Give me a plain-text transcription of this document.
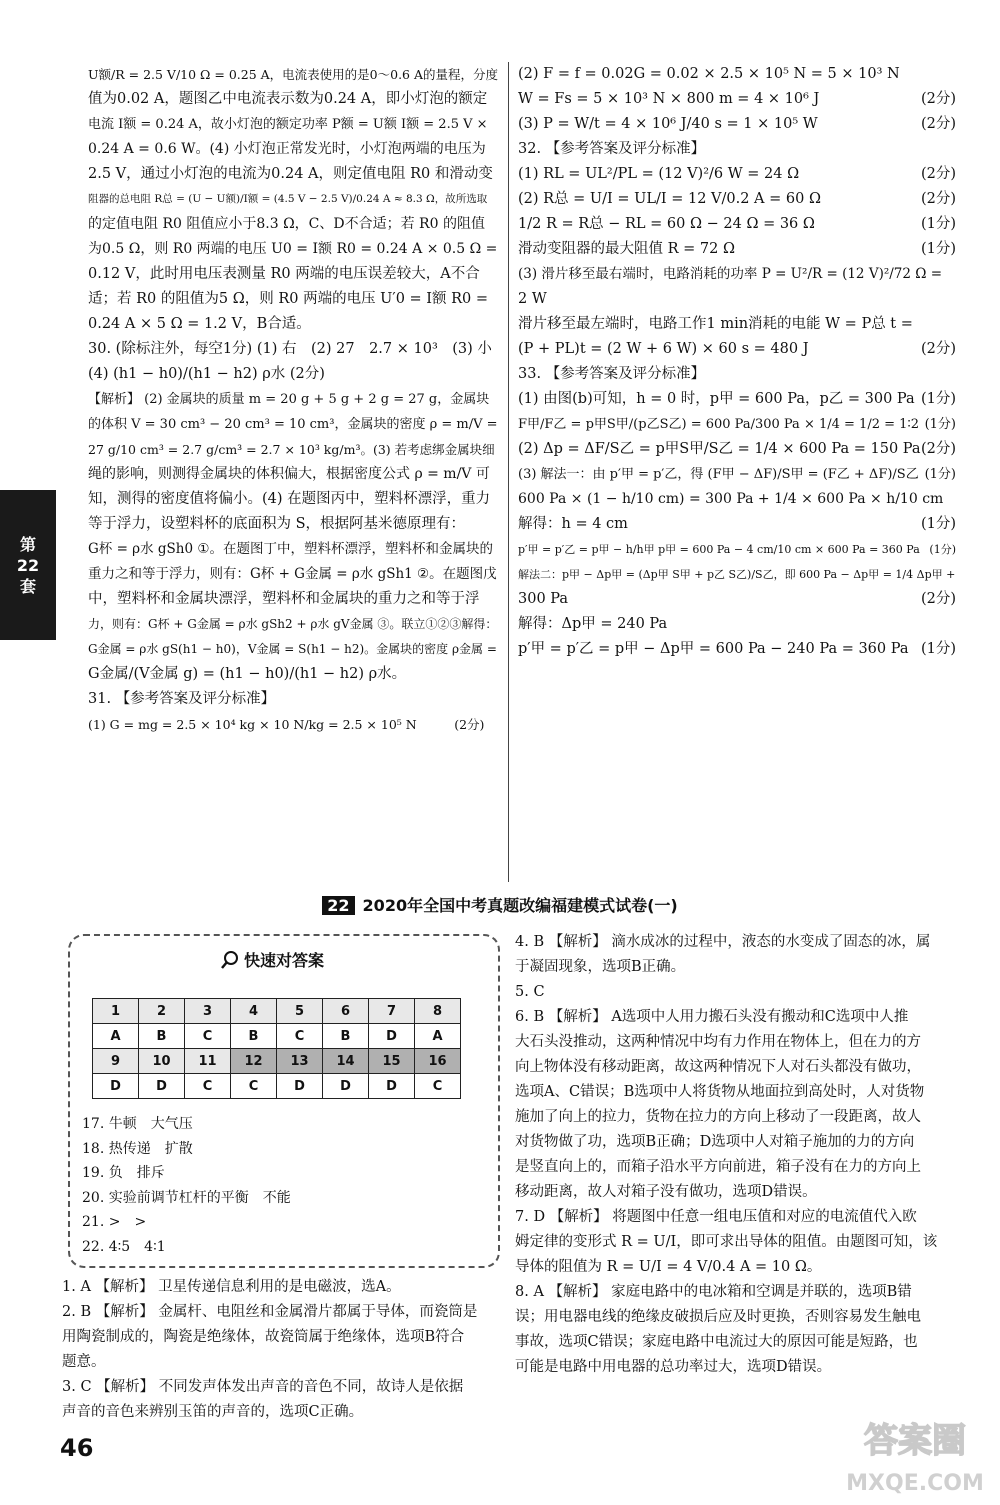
第
22
套

U额/R = 2.5 V/10 Ω = 0.25 A，电流表使用的是0～0.6 A的量程，分度

值为0.02 A，题图乙中电流表示数为0.24 A，即小灯泡的额定

电流 I额 = 0.24 A，故小灯泡的额定功率 P额 = U额 I额 = 2.5 V ×

0.24 A = 0.6 W。(4) 小灯泡正常发光时，小灯泡两端的电压为

2.5 V，通过小灯泡的电流为0.24 A，则定值电阻 R0 和滑动变

阻器的总电阻 R总 = (U − U额)/I额 = (4.5 V − 2.5 V)/0.24 A ≈ 8.3 Ω，故所选取

的定值电阻 R0 阻值应小于8.3 Ω，C、D不合适；若 R0 的阻值

为0.5 Ω，则 R0 两端的电压 U0 = I额 R0 = 0.24 A × 0.5 Ω =

0.12 V，此时用电压表测量 R0 两端的电压误差较大，A不合

适；若 R0 的阻值为5 Ω，则 R0 两端的电压 U′0 = I额 R0 =

0.24 A × 5 Ω = 1.2 V，B合适。

30. (除标注外，每空1分) (1) 右　(2) 27　2.7 × 10³　(3) 小

(4) (h1 − h0)/(h1 − h2) ρ水 (2分)

【解析】 (2) 金属块的质量 m = 20 g + 5 g + 2 g = 27 g，金属块

的体积 V = 30 cm³ − 20 cm³ = 10 cm³，金属块的密度 ρ = m/V =

27 g/10 cm³ = 2.7 g/cm³ = 2.7 × 10³ kg/m³。(3) 若考虑绑金属块细

绳的影响，则测得金属块的体积偏大，根据密度公式 ρ = m/V 可

知，测得的密度值将偏小。(4) 在题图丙中，塑料杯漂浮，重力

等于浮力，设塑料杯的底面积为 S，根据阿基米德原理有：

G杯 = ρ水 gSh0 ①。在题图丁中，塑料杯漂浮，塑料杯和金属块的

重力之和等于浮力，则有：G杯 + G金属 = ρ水 gSh1 ②。在题图戊

中，塑料杯和金属块漂浮，塑料杯和金属块的重力之和等于浮

力，则有：G杯 + G金属 = ρ水 gSh2 + ρ水 gV金属 ③。联立①②③解得：

G金属 = ρ水 gS(h1 − h0)，V金属 = S(h1 − h2)。金属块的密度 ρ金属 =

G金属/(V金属 g) = (h1 − h0)/(h1 − h2) ρ水。

31. 【参考答案及评分标准】

(1) G = mg = 2.5 × 10⁴ kg × 10 N/kg = 2.5 × 10⁵ N　　　(2分)

(2) F = f = 0.02G = 0.02 × 2.5 × 10⁵ N = 5 × 10³ N
W = Fs = 5 × 10³ N × 800 m = 4 × 10⁶ J	(2分)
(3) P = W/t = 4 × 10⁶ J/40 s = 1 × 10⁵ W	(2分)
32. 【参考答案及评分标准】
(1) RL = UL²/PL = (12 V)²/6 W = 24 Ω	(2分)
(2) R总 = U/I = UL/I = 12 V/0.2 A = 60 Ω	(2分)
1/2 R = R总 − RL = 60 Ω − 24 Ω = 36 Ω	(1分)
滑动变阻器的最大阻值 R = 72 Ω	(1分)
(3) 滑片移至最右端时，电路消耗的功率 P = U²/R = (12 V)²/72 Ω =
2 W
滑片移至最左端时，电路工作1 min消耗的电能 W = P总 t =
(P + PL)t = (2 W + 6 W) × 60 s = 480 J	(2分)
33. 【参考答案及评分标准】
(1) 由图(b)可知，h = 0 时，p甲 = 600 Pa，p乙 = 300 Pa (1分)
F甲/F乙 = p甲S甲/(p乙S乙) = 600 Pa/300 Pa × 1/4 = 1/2 = 1∶2 (1分)
(2) Δp = ΔF/S乙 = p甲S甲/S乙 = 1/4 × 600 Pa = 150 Pa (2分)
(3) 解法一：由 p′甲 = p′乙，得 (F甲 − ΔF)/S甲 = (F乙 + ΔF)/S乙 (1分)
600 Pa × (1 − h/10 cm) = 300 Pa + 1/4 × 600 Pa × h/10 cm
解得：h = 4 cm	(1分)
p′甲 = p′乙 = p甲 − h/h甲 p甲 = 600 Pa − 4 cm/10 cm × 600 Pa = 360 Pa (1分)
解法二：p甲 − Δp甲 = (Δp甲 S甲 + p乙 S乙)/S乙，即 600 Pa − Δp甲 = 1/4 Δp甲 +
300 Pa	(2分)
解得：Δp甲 = 240 Pa
p′甲 = p′乙 = p甲 − Δp甲 = 600 Pa − 240 Pa = 360 Pa (1分)
22 2020年全国中考真题改编福建模式试卷(一)
快速对答案
1	2	3	4	5	6	7	8
A	B	C	B	C	B	D	A
9	10	11	12	13	14	15	16
D	D	C	C	D	D	D	C

17. 牛顿　大气压

18. 热传递　扩散

19. 负　排斥

20. 实验前调节杠杆的平衡　不能

21. >　>

22. 4∶5　4∶1

1. A 【解析】 卫星传递信息利用的是电磁波，选A。

2. B 【解析】 金属杆、电阻丝和金属滑片都属于导体，而瓷筒是

用陶瓷制成的，陶瓷是绝缘体，故瓷筒属于绝缘体，选项B符合

题意。

3. C 【解析】 不同发声体发出声音的音色不同，故诗人是依据

声音的音色来辨别玉笛的声音的，选项C正确。

4. B 【解析】 滴水成冰的过程中，液态的水变成了固态的冰，属

于凝固现象，选项B正确。

5. C

6. B 【解析】 A选项中人用力搬石头没有搬动和C选项中人推

大石头没推动，这两种情况中均有力作用在物体上，但在力的方

向上物体没有移动距离，故这两种情况下人对石头都没有做功，

选项A、C错误；B选项中人将货物从地面拉到高处时，人对货物

施加了向上的拉力，货物在拉力的方向上移动了一段距离，故人

对货物做了功，选项B正确；D选项中人对箱子施加的力的方向

是竖直向上的，而箱子沿水平方向前进，箱子没有在力的方向上

移动距离，故人对箱子没有做功，选项D错误。

7. D 【解析】 将题图中任意一组电压值和对应的电流值代入欧

姆定律的变形式 R = U/I，即可求出导体的阻值。由题图可知，该

导体的阻值为 R = U/I = 4 V/0.4 A = 10 Ω。

8. A 【解析】 家庭电路中的电冰箱和空调是并联的，选项B错

误；用电器电线的绝缘皮破损后应及时更换，否则容易发生触电

事故，选项C错误；家庭电路中电流过大的原因可能是短路，也

可能是电路中用电器的总功率过大，选项D错误。

46	答案圈
MXQE.COM
